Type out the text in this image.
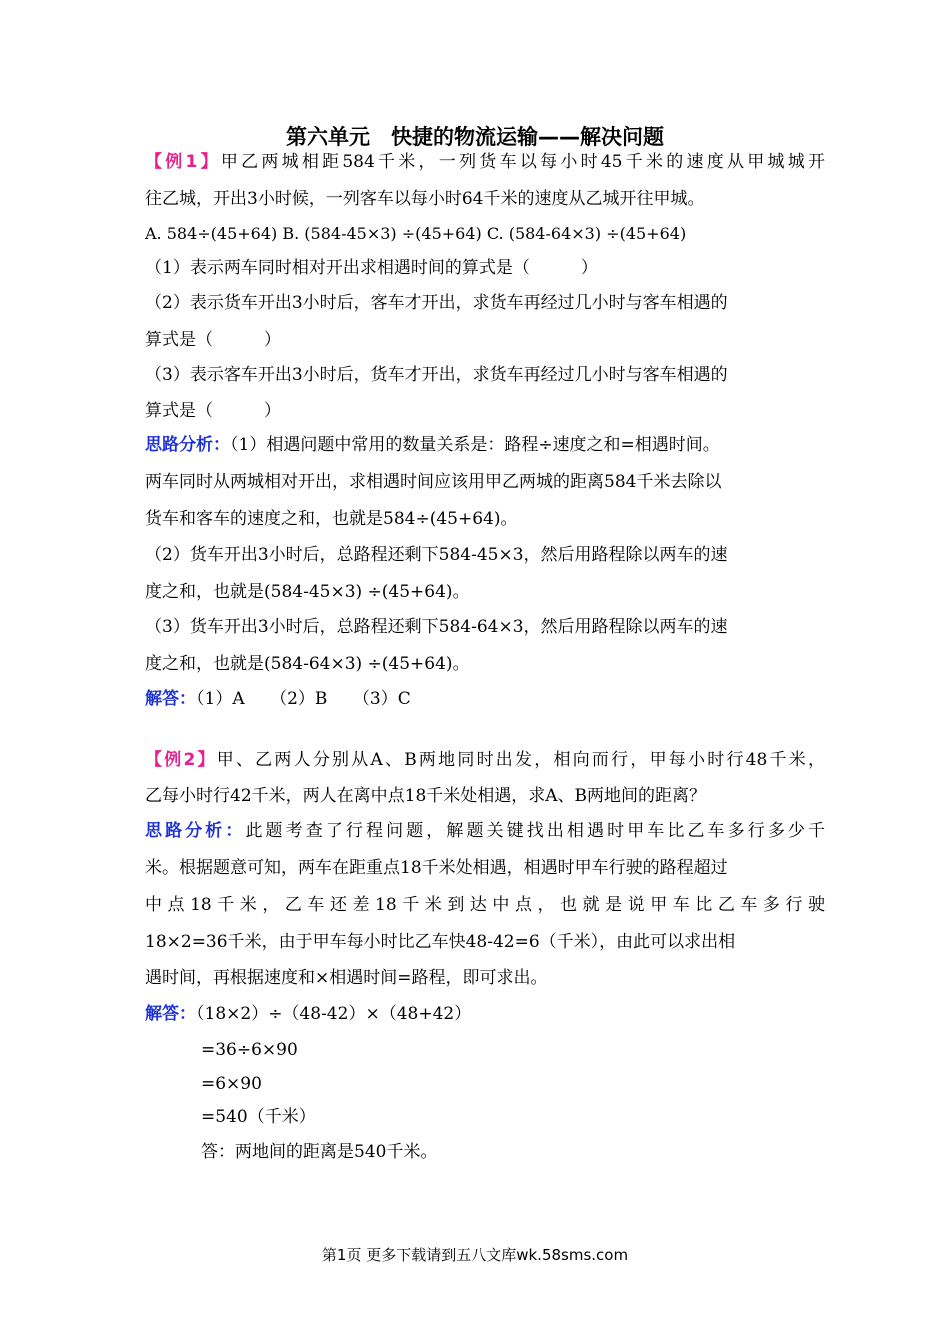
第六单元　快捷的物流运输——解决问题
【例1】甲乙两城相距584千米，一列货车以每小时45千米的速度从甲城城开
往乙城，开出3小时候，一列客车以每小时64千米的速度从乙城开往甲城。
A. 584÷(45+64) B. (584-45×3) ÷(45+64) C. (584-64×3) ÷(45+64)
（1）表示两车同时相对开出求相遇时间的算式是（　　　）
（2）表示货车开出3小时后，客车才开出，求货车再经过几小时与客车相遇的
算式是（　　　）
（3）表示客车开出3小时后，货车才开出，求货车再经过几小时与客车相遇的
算式是（　　　）
思路分析：（1）相遇问题中常用的数量关系是：路程÷速度之和=相遇时间。
两车同时从两城相对开出，求相遇时间应该用甲乙两城的距离584千米去除以
货车和客车的速度之和，也就是584÷(45+64)。
（2）货车开出3小时后，总路程还剩下584-45×3，然后用路程除以两车的速
度之和，也就是(584-45×3) ÷(45+64)。
（3）货车开出3小时后，总路程还剩下584-64×3，然后用路程除以两车的速
度之和，也就是(584-64×3) ÷(45+64)。
解答：（1）A　　（2）B　　（3）C
【例2】甲、乙两人分别从A、B两地同时出发，相向而行，甲每小时行48千米，
乙每小时行42千米，两人在离中点18千米处相遇，求A、B两地间的距离？
思路分析：此题考查了行程问题，解题关键找出相遇时甲车比乙车多行多少千
米。根据题意可知，两车在距重点18千米处相遇，相遇时甲车行驶的路程超过
中点18千米，乙车还差18千米到达中点，也就是说甲车比乙车多行驶
18×2=36千米，由于甲车每小时比乙车快48-42=6（千米），由此可以求出相
遇时间，再根据速度和×相遇时间=路程，即可求出。
解答：（18×2）÷（48-42）×（48+42）
=36÷6×90
=6×90
=540（千米）
答：两地间的距离是540千米。
第1页 更多下载请到五八文库wk.58sms.com
